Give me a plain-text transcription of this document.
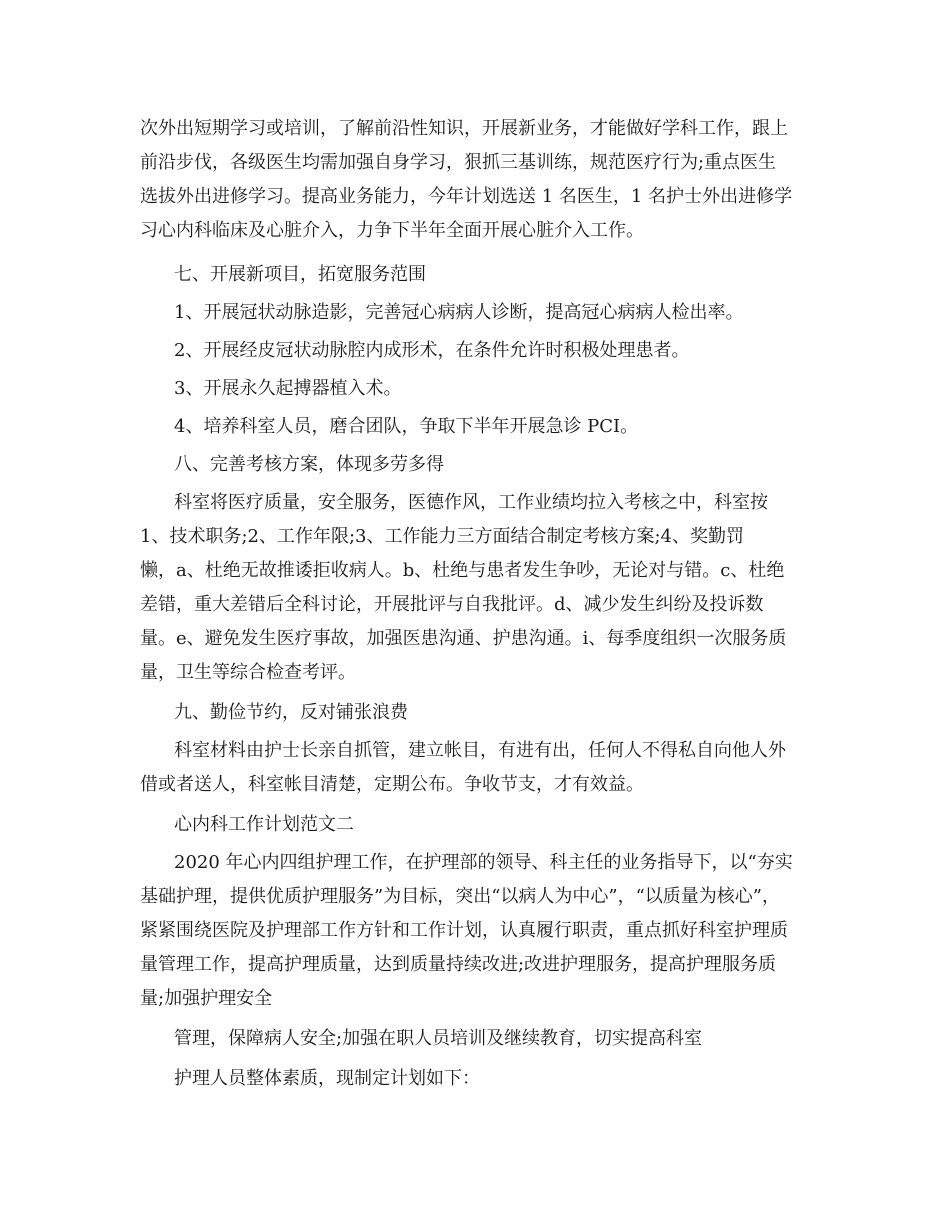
次外出短期学习或培训，了解前沿性知识，开展新业务，才能做好学科工作，跟上
前沿步伐，各级医生均需加强自身学习，狠抓三基训练，规范医疗行为;重点医生
选拔外出进修学习。提高业务能力，今年计划选送 1 名医生，1 名护士外出进修学
习心内科临床及心脏介入，力争下半年全面开展心脏介入工作。
七、开展新项目，拓宽服务范围
1、开展冠状动脉造影，完善冠心病病人诊断，提高冠心病病人检出率。
2、开展经皮冠状动脉腔内成形术，在条件允许时积极处理患者。
3、开展永久起搏器植入术。
4、培养科室人员，磨合团队，争取下半年开展急诊 PCI。
八、完善考核方案，体现多劳多得
科室将医疗质量，安全服务，医德作风，工作业绩均拉入考核之中，科室按
1、技术职务;2、工作年限;3、工作能力三方面结合制定考核方案;4、奖勤罚
懒，a、杜绝无故推诿拒收病人。b、杜绝与患者发生争吵，无论对与错。c、杜绝
差错，重大差错后全科讨论，开展批评与自我批评。d、减少发生纠纷及投诉数
量。e、避免发生医疗事故，加强医患沟通、护患沟通。i、每季度组织一次服务质
量，卫生等综合检查考评。
九、勤俭节约，反对铺张浪费
科室材料由护士长亲自抓管，建立帐目，有进有出，任何人不得私自向他人外
借或者送人，科室帐目清楚，定期公布。争收节支，才有效益。
心内科工作计划范文二
2020 年心内四组护理工作，在护理部的领导、科主任的业务指导下，以“夯实
基础护理，提供优质护理服务”为目标，突出“以病人为中心”，“以质量为核心”，
紧紧围绕医院及护理部工作方针和工作计划，认真履行职责，重点抓好科室护理质
量管理工作，提高护理质量，达到质量持续改进;改进护理服务，提高护理服务质
量;加强护理安全
管理，保障病人安全;加强在职人员培训及继续教育，切实提高科室
护理人员整体素质，现制定计划如下：
